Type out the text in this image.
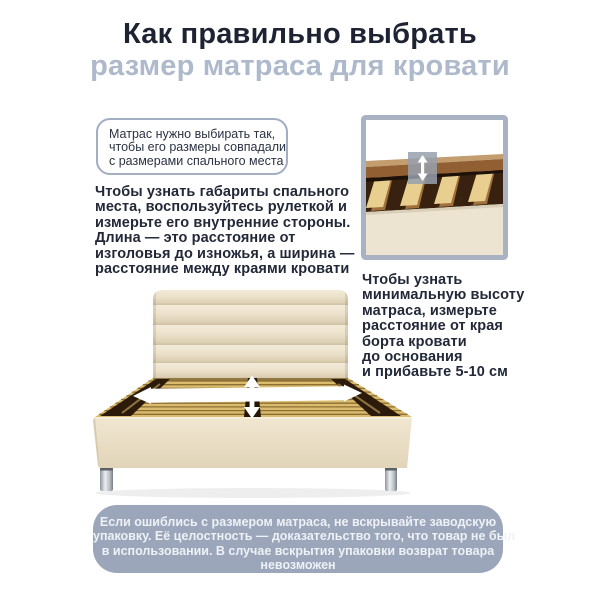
Как правильно выбрать
размер матраса для кровати
Матрас нужно выбирать так,
чтобы его размеры совпадали
с размерами спального места
Чтобы узнать габариты спального
места, воспользуйтесь рулеткой и
измерьте его внутренние стороны.
Длина — это расстояние от
изголовья до изножья, а ширина —
расстояние между краями кровати
Чтобы узнать
минимальную высоту
матраса, измерьте
расстояние от края
борта кровати
до основания
и прибавьте 5-10 см
Если ошиблись с размером матраса, не вскрывайте заводскую
упаковку. Её целостность — доказательство того, что товар не был
в использовании. В случае вскрытия упаковки возврат товара
невозможен
